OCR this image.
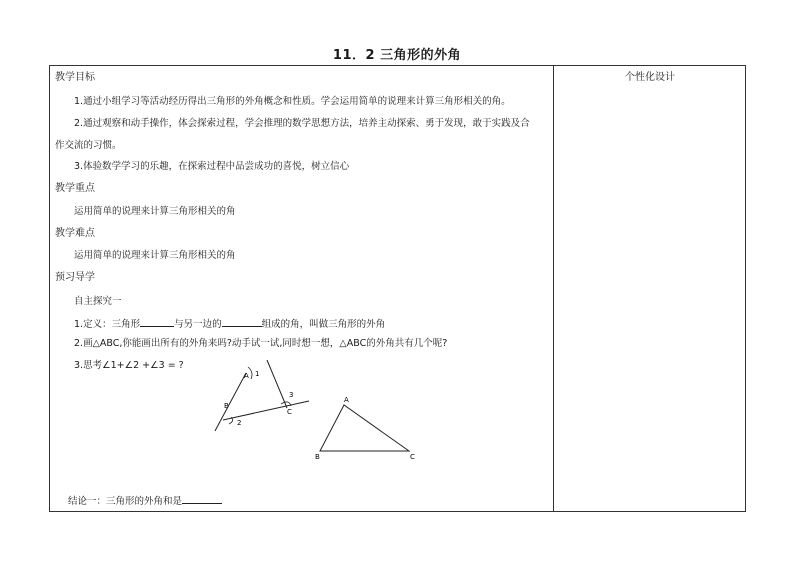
11．2 三角形的外角
个性化设计
教学目标
1.通过小组学习等活动经历得出三角形的外角概念和性质。学会运用简单的说理来计算三角形相关的角。
2.通过观察和动手操作，体会探索过程，学会推理的数学思想方法，培养主动探索、勇于发现，敢于实践及合
作交流的习惯。
3.体验数学学习的乐趣，在探索过程中品尝成功的喜悦，树立信心
教学重点
运用简单的说理来计算三角形相关的角
教学难点
运用简单的说理来计算三角形相关的角
预习导学
自主探究一
1.定义：三角形	与另一边的	组成的角，叫做三角形的外角
2.画△ABC,你能画出所有的外角来吗?动手试一试,同时想一想，△ABC的外角共有几个呢?
3.思考∠1+∠2 +∠3 = ?
1
A
3
B
C
2
A
B	C
结论一：三角形的外角和是
